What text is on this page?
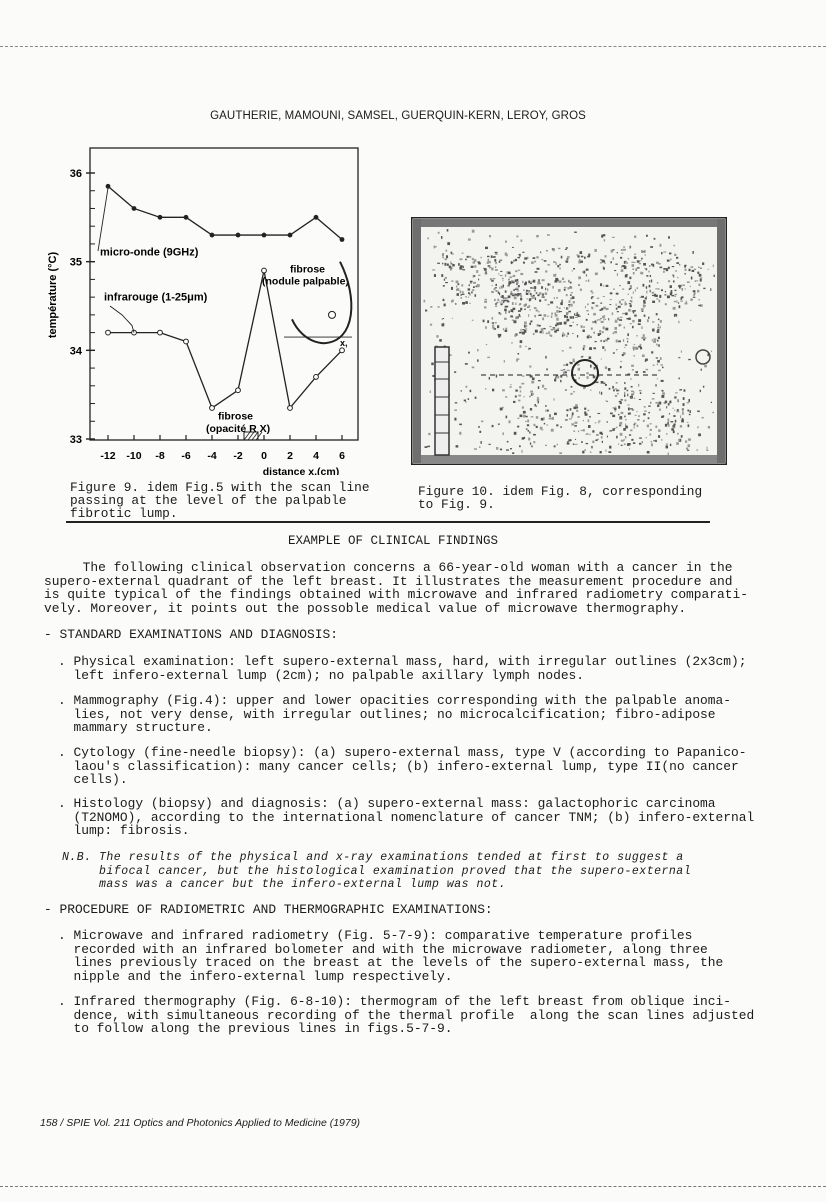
GAUTHERIE, MAMOUNI, SAMSEL, GUERQUIN-KERN, LEROY, GROS
33
34
35
36
-12 -10 -8 -6 -4 -2 0 2 4 6
distance x,(cm)
température (°C)	micro-onde (9GHz)
infrarouge (1-25μm)
fibrose
(nodule palpable)
fibrose
(opacité R X)
x,
Figure 9. idem Fig.5 with the scan line
passing at the level of the palpable
fibrotic lump.
Figure 10. idem Fig. 8, corresponding
to Fig. 9.
EXAMPLE OF CLINICAL FINDINGS
The following clinical observation concerns a 66-year-old woman with a cancer in the
supero-external quadrant of the left breast. It illustrates the measurement procedure and
is quite typical of the findings obtained with microwave and infrared radiometry comparati-
vely. Moreover, it points out the possoble medical value of microwave thermography.
- STANDARD EXAMINATIONS AND DIAGNOSIS:
. Physical examination: left supero-external mass, hard, with irregular outlines (2x3cm);
left infero-external lump (2cm); no palpable axillary lymph nodes.
. Mammography (Fig.4): upper and lower opacities corresponding with the palpable anoma-
lies, not very dense, with irregular outlines; no microcalcification; fibro-adipose
mammary structure.
. Cytology (fine-needle biopsy): (a) supero-external mass, type V (according to Papanico-
laou's classification): many cancer cells; (b) infero-external lump, type II(no cancer
cells).
. Histology (biopsy) and diagnosis: (a) supero-external mass: galactophoric carcinoma
(T2NOMO), according to the international nomenclature of cancer TNM; (b) infero-external
lump: fibrosis.
N.B. The results of the physical and x-ray examinations tended at first to suggest a
bifocal cancer, but the histological examination proved that the supero-external
mass was a cancer but the infero-external lump was not.
- PROCEDURE OF RADIOMETRIC AND THERMOGRAPHIC EXAMINATIONS:
. Microwave and infrared radiometry (Fig. 5-7-9): comparative temperature profiles
recorded with an infrared bolometer and with the microwave radiometer, along three
lines previously traced on the breast at the levels of the supero-external mass, the
nipple and the infero-external lump respectively.
. Infrared thermography (Fig. 6-8-10): thermogram of the left breast from oblique inci-
dence, with simultaneous recording of the thermal profile  along the scan lines adjusted
to follow along the previous lines in figs.5-7-9.
158 / SPIE Vol. 211 Optics and Photonics Applied to Medicine (1979)
